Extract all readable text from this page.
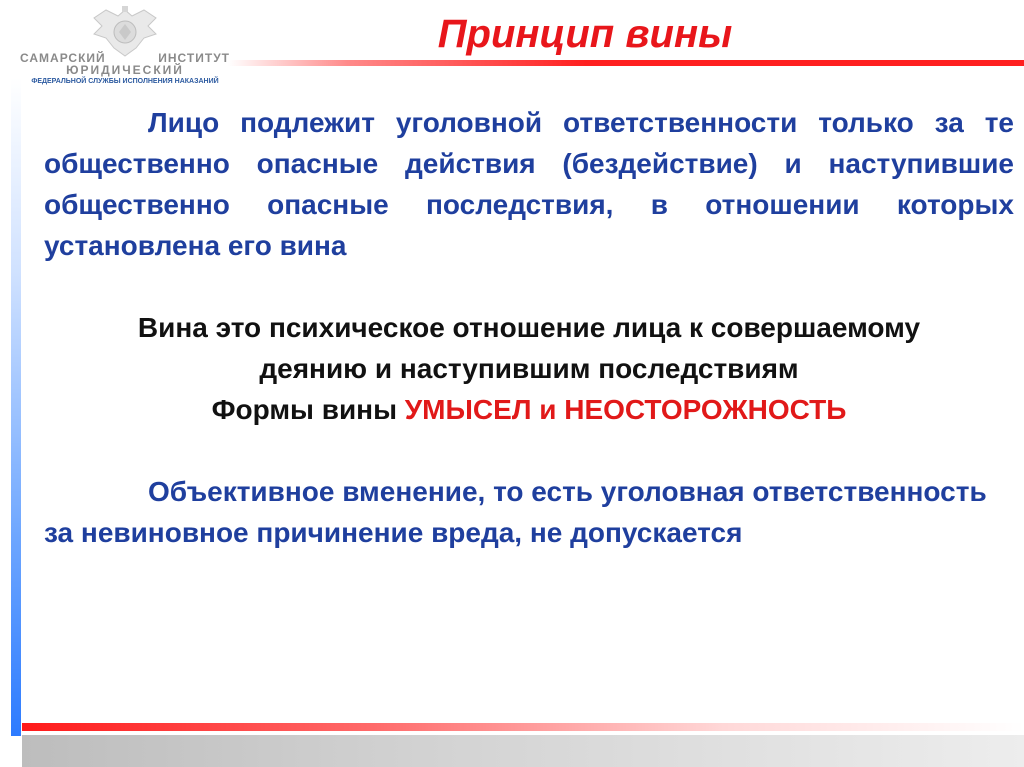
САМАРСКИЙ	ИНСТИТУТ
ЮРИДИЧЕСКИЙ
ФЕДЕРАЛЬНОЙ СЛУЖБЫ ИСПОЛНЕНИЯ НАКАЗАНИЙ
Принцип вины

Лицо подлежит уголовной ответственности только за те общественно опасные действия (бездействие) и наступившие общественно опасные последствия, в отношении которых установлена его вина

Вина это психическое отношение лица к совершаемому

деянию и наступившим последствиям

Формы вины УМЫСЕЛ и НЕОСТОРОЖНОСТЬ

Объективное вменение, то есть уголовная ответственность за невиновное причинение вреда, не допускается
